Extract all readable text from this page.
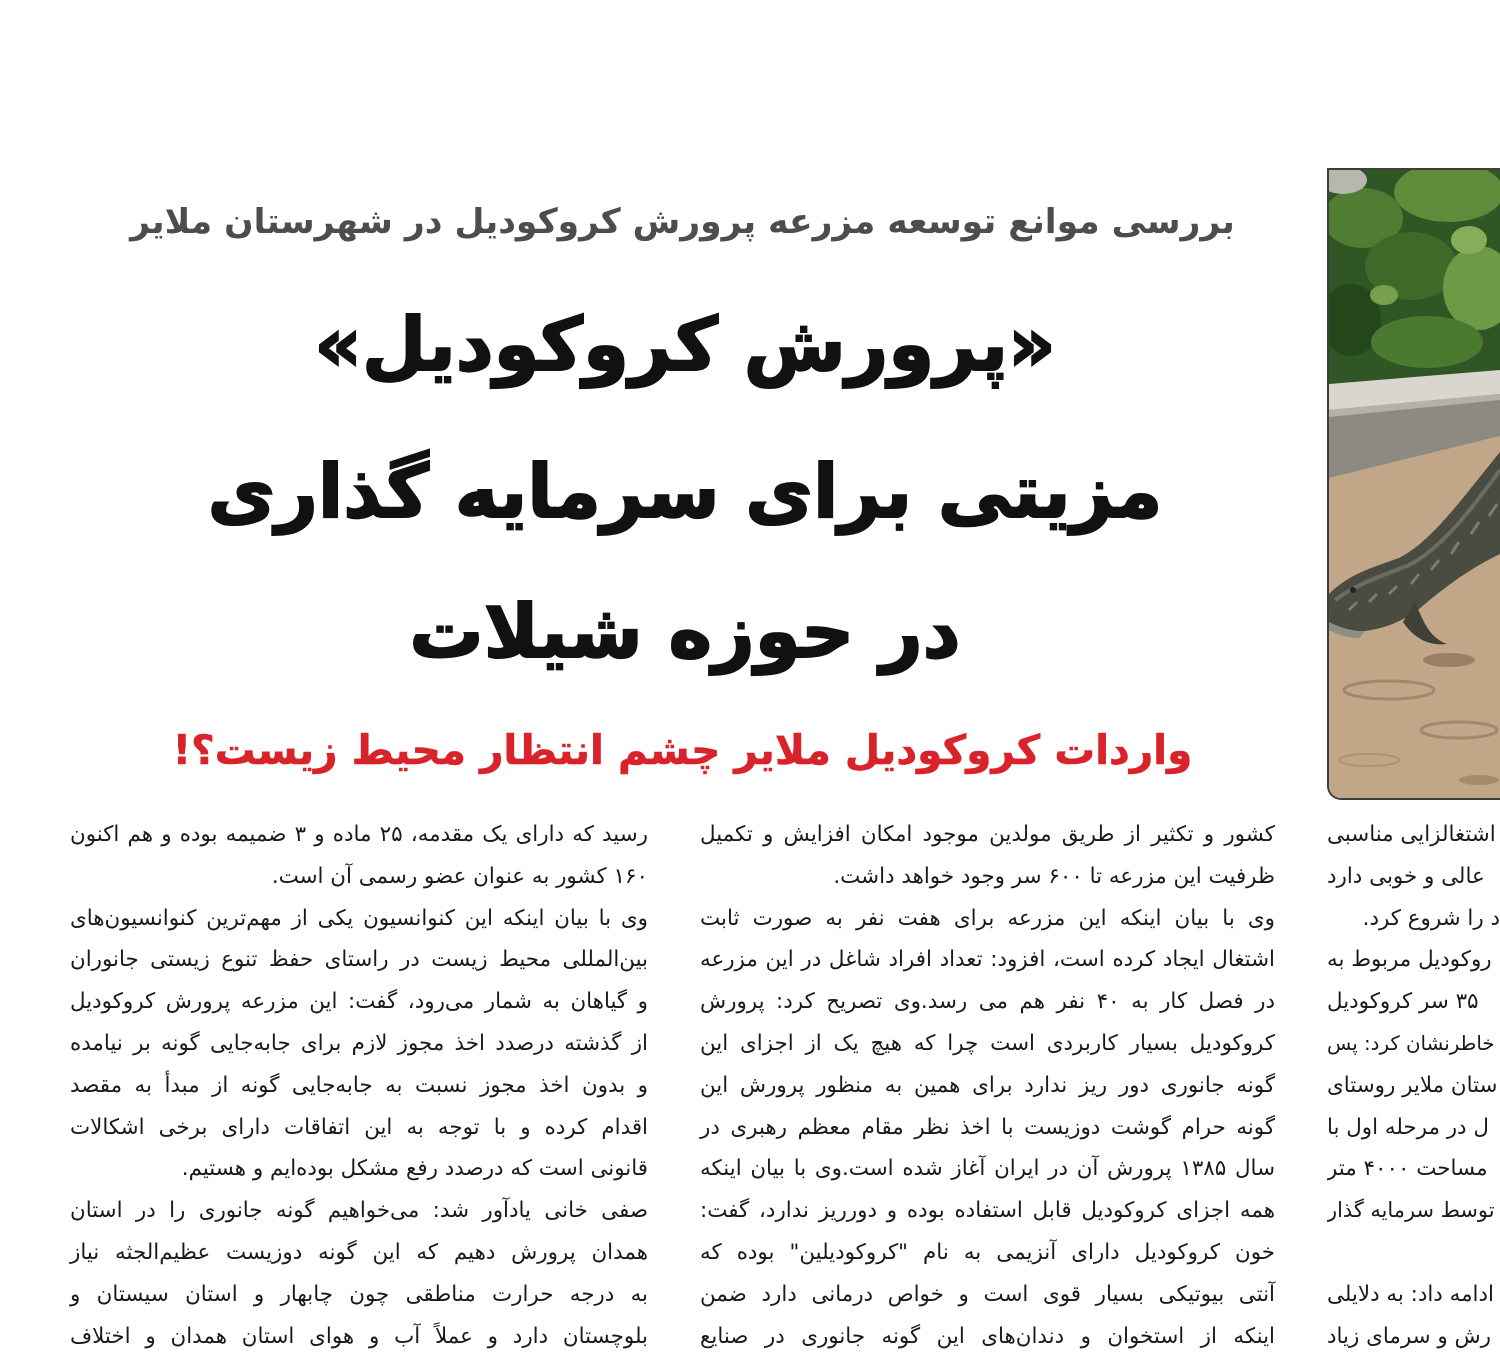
بررسی موانع توسعه مزرعه پرورش کروکودیل در شهرستان ملایر
«پرورش کروکودیل»
مزیتی برای سرمایه گذاری
در حوزه شیلات
واردات کروکودیل ملایر چشم انتظار محیط زیست؟!
اشتغالزایی مناسبی
عالی و خوبی دارد
د را شروع کرد.
روکودیل مربوط به
۳۵ سر کروکودیل
خاطرنشان کرد: پس
ستان ملایر روستای
ل در مرحله اول با
مساحت ۴۰۰۰ متر
توسط سرمایه گذار
ادامه داد: به دلایلی
رش و سرمای زیاد
کشور و تکثیر از طریق مولدین موجود امکان افزایش و تکمیل
ظرفیت این مزرعه تا ۶۰۰ سر وجود خواهد داشت.
وی با بیان اینکه این مزرعه برای هفت نفر به صورت ثابت
اشتغال ایجاد کرده است، افزود: تعداد افراد شاغل در این مزرعه
در فصل کار به ۴۰ نفر هم می رسد.وی تصریح کرد: پرورش
کروکودیل بسیار کاربردی است چرا که هیچ یک از اجزای این
گونه جانوری دور ریز ندارد برای همین به منظور پرورش این
گونه حرام گوشت دوزیست با اخذ نظر مقام معظم رهبری در
سال ۱۳۸۵ پرورش آن در ایران آغاز شده است.وی با بیان اینکه
همه اجزای کروکودیل قابل استفاده بوده و دورریز ندارد، گفت:
خون کروکودیل دارای آنزیمی به نام "کروکودیلین" بوده که
آنتی بیوتیکی بسیار قوی است و خواص درمانی دارد ضمن
اینکه از استخوان و دندان‌های این گونه جانوری در صنایع
رسید که دارای یک مقدمه، ۲۵ ماده و ۳ ضمیمه بوده و هم اکنون
۱۶۰ کشور به عنوان عضو رسمی آن است.
وی با بیان اینکه این کنوانسیون یکی از مهم‌ترین کنوانسیون‌های
بین‌المللی محیط زیست در راستای حفظ تنوع زیستی جانوران
و گیاهان به شمار می‌رود، گفت: این مزرعه پرورش کروکودیل
از گذشته درصدد اخذ مجوز لازم برای جابه‌جایی گونه بر نیامده
و بدون اخذ مجوز نسبت به جابه‌جایی گونه از مبدأ به مقصد
اقدام کرده و با توجه به این اتفاقات دارای برخی اشکالات
قانونی است که درصدد رفع مشکل بوده‌ایم و هستیم.
صفی خانی یادآور شد: می‌خواهیم گونه جانوری را در استان
همدان پرورش دهیم که این گونه دوزیست عظیم‌الجثه نیاز
به درجه حرارت مناطقی چون چابهار و استان سیستان و
بلوچستان دارد و عملاً آب و هوای استان همدان و اختلاف
